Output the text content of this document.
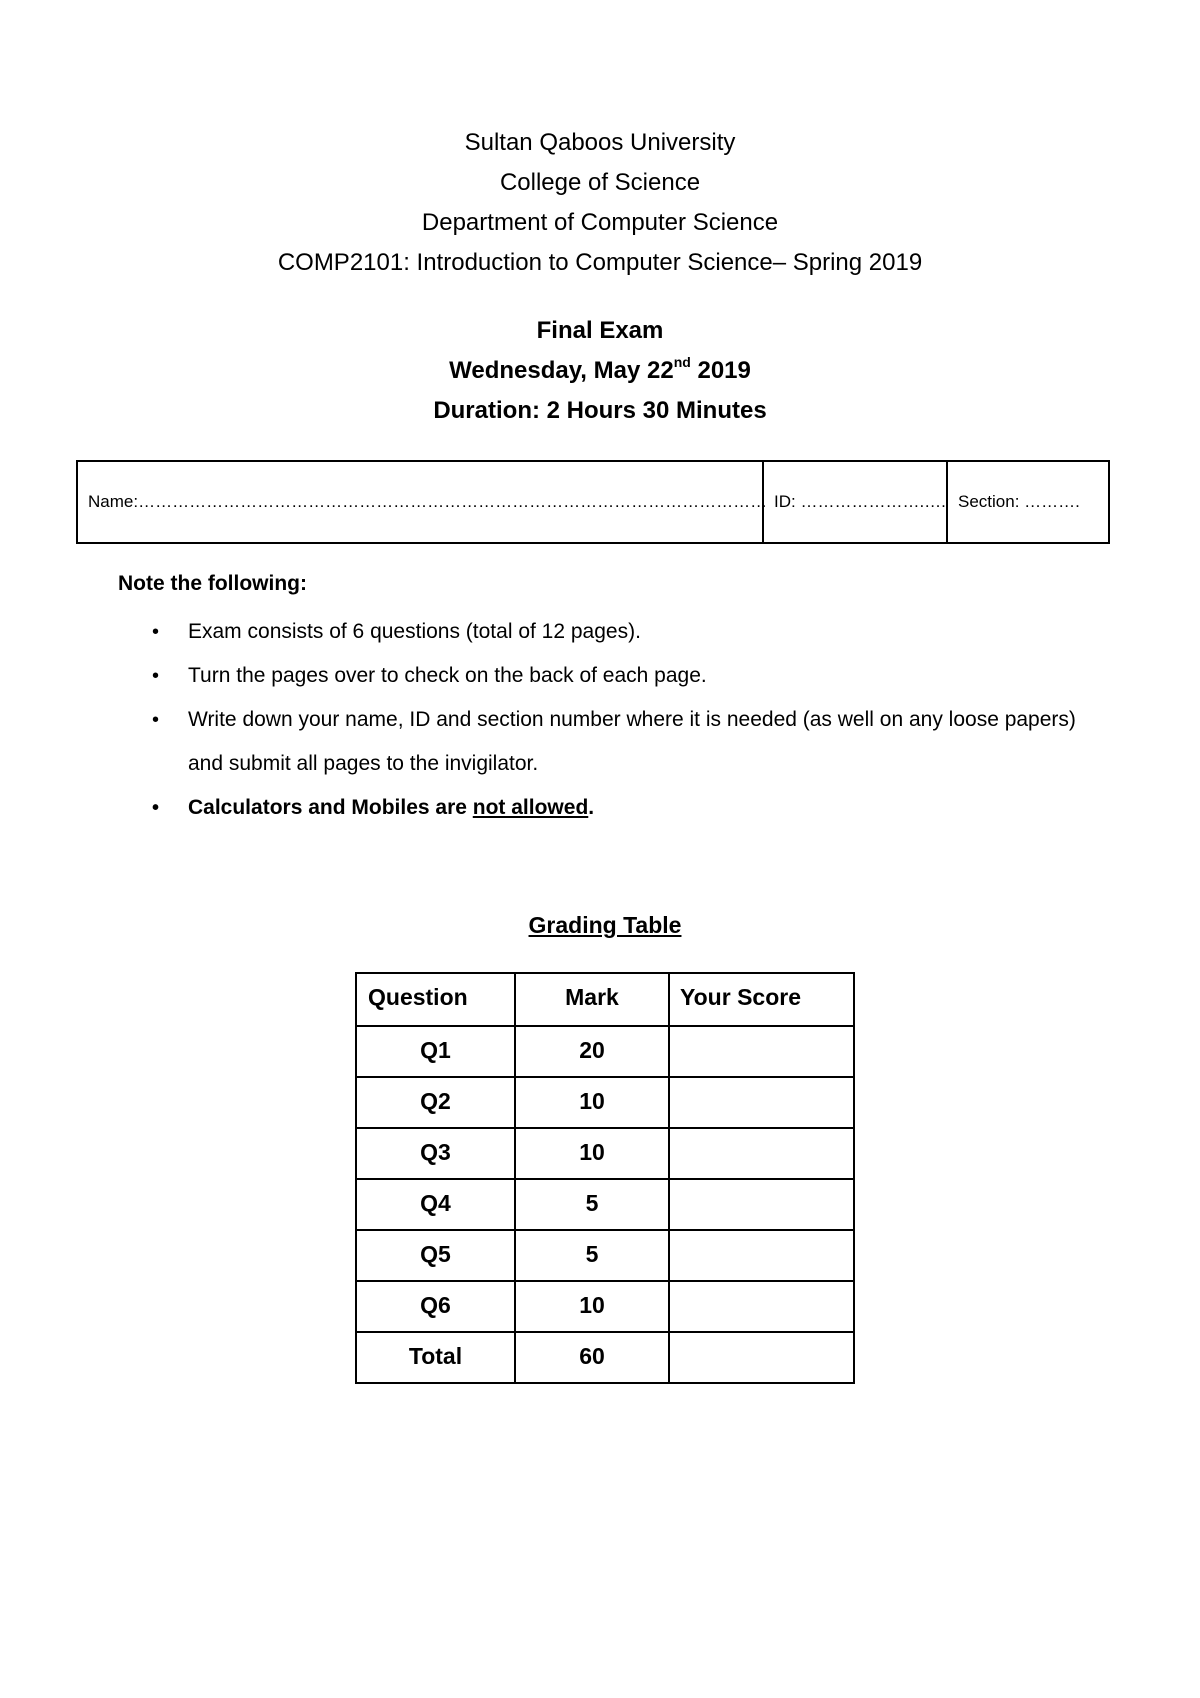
Sultan Qaboos University
College of Science
Department of Computer Science
COMP2101: Introduction to Computer Science– Spring 2019
Final Exam
Wednesday, May 22nd 2019
Duration: 2 Hours 30 Minutes
Name:………………………………………………………………………………………………… ID: ………………….…. Section: ……….
Note the following:
• Exam consists of 6 questions (total of 12 pages).
• Turn the pages over to check on the back of each page.
• Write down your name, ID and section number where it is needed (as well on any loose papers) and submit all pages to the invigilator.
• Calculators and Mobiles are not allowed.
Grading Table
Question	Mark	Your Score
Q1	20	
Q2	10	
Q3	10	
Q4	5	
Q5	5	
Q6	10	
Total	60	
